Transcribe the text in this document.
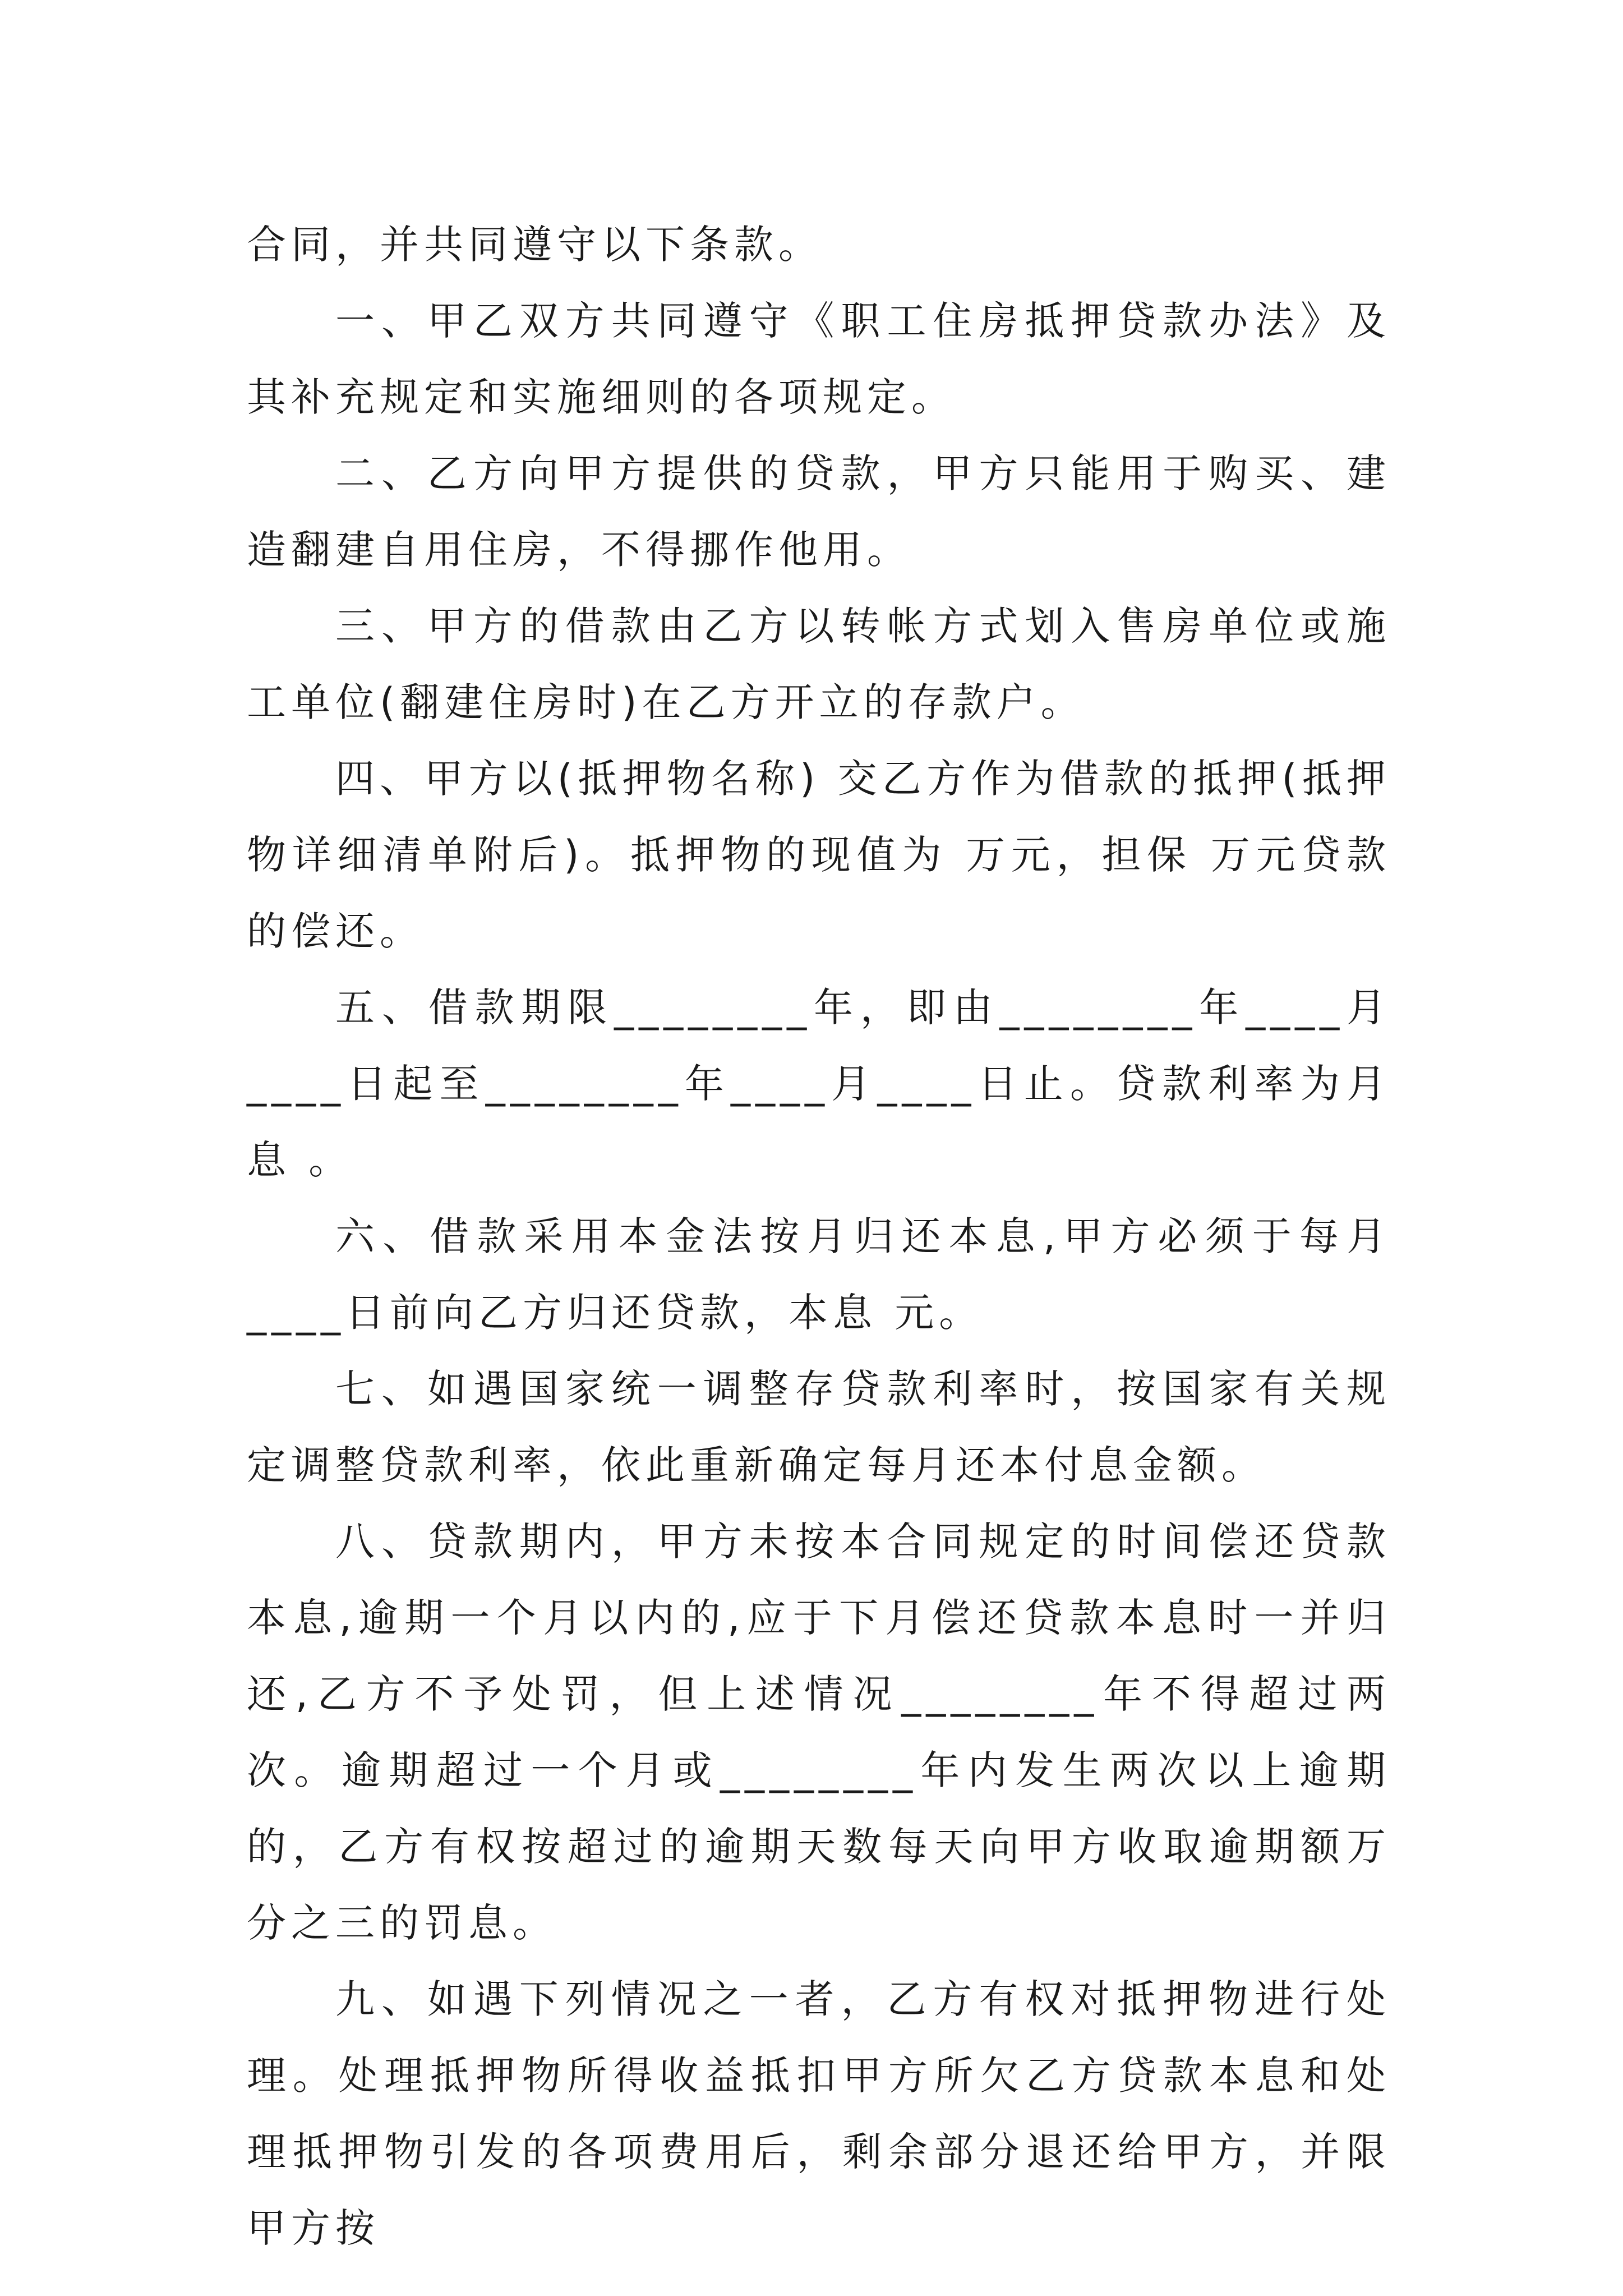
合同，并共同遵守以下条款。

一、甲乙双方共同遵守《职工住房抵押贷款办法》及其补充规定和实施细则的各项规定。

二、乙方向甲方提供的贷款，甲方只能用于购买、建造翻建自用住房，不得挪作他用。

三、甲方的借款由乙方以转帐方式划入售房单位或施工单位(翻建住房时)在乙方开立的存款户。

四、甲方以(抵押物名称) 交乙方作为借款的抵押(抵押物详细清单附后)。抵押物的现值为 万元，担保 万元贷款的偿还。

五、借款期限________年，即由________年____月____日起至________年____月____日止。贷款利率为月息 。

六、借款采用本金法按月归还本息,甲方必须于每月____日前向乙方归还贷款，本息 元。

七、如遇国家统一调整存贷款利率时，按国家有关规定调整贷款利率，依此重新确定每月还本付息金额。

八、贷款期内，甲方未按本合同规定的时间偿还贷款本息,逾期一个月以内的,应于下月偿还贷款本息时一并归还,乙方不予处罚，但上述情况________年不得超过两次。逾期超过一个月或________年内发生两次以上逾期的，乙方有权按超过的逾期天数每天向甲方收取逾期额万分之三的罚息。

九、如遇下列情况之一者，乙方有权对抵押物进行处理。处理抵押物所得收益抵扣甲方所欠乙方贷款本息和处理抵押物引发的各项费用后，剩余部分退还给甲方，并限甲方按
